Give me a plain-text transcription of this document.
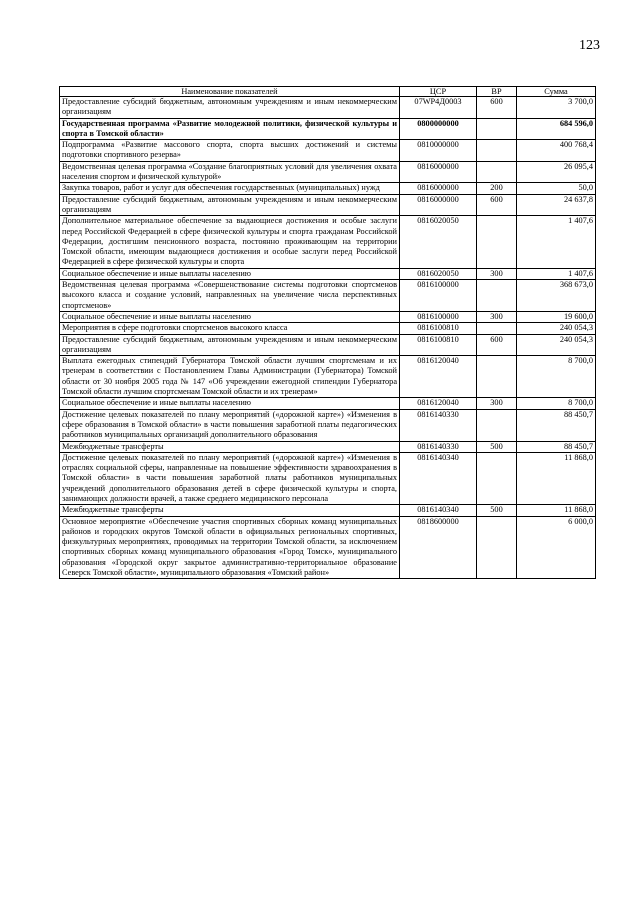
123
Наименование показателей	ЦСР	ВР	Сумма
Предоставление субсидий бюджетным, автономным учреждениям и иным некоммерческим организациям	07WР4Д0003	600	3 700,0
Государственная программа «Развитие молодежной политики, физической культуры и спорта в Томской области»	0800000000		684 596,0
Подпрограмма «Развитие массового спорта, спорта высших достижений и системы подготовки спортивного резерва»	0810000000		400 768,4
Ведомственная целевая программа «Создание благоприятных условий для увеличения охвата населения спортом и физической культурой»	0816000000		26 095,4
Закупка товаров, работ и услуг для обеспечения государственных (муниципальных) нужд	0816000000	200	50,0
Предоставление субсидий бюджетным, автономным учреждениям и иным некоммерческим организациям	0816000000	600	24 637,8
Дополнительное материальное обеспечение за выдающиеся достижения и особые заслуги перед Российской Федерацией в сфере физической культуры и спорта гражданам Российской Федерации, достигшим пенсионного возраста, постоянно проживающим на территории Томской области, имеющим выдающиеся достижения и особые заслуги перед Российской Федерацией в сфере физической культуры и спорта	0816020050		1 407,6
Социальное обеспечение и иные выплаты населению	0816020050	300	1 407,6
Ведомственная целевая программа «Совершенствование системы подготовки спортсменов высокого класса и создание условий, направленных на увеличение числа перспективных спортсменов»	0816100000		368 673,0
Социальное обеспечение и иные выплаты населению	0816100000	300	19 600,0
Мероприятия в сфере подготовки спортсменов высокого класса	0816100810		240 054,3
Предоставление субсидий бюджетным, автономным учреждениям и иным некоммерческим организациям	0816100810	600	240 054,3
Выплата ежегодных стипендий Губернатора Томской области лучшим спортсменам и их тренерам в соответствии с Постановлением Главы Администрации (Губернатора) Томской области от 30 ноября 2005 года № 147 «Об учреждении ежегодной стипендии Губернатора Томской области лучшим спортсменам Томской области и их тренерам»	0816120040		8 700,0
Социальное обеспечение и иные выплаты населению	0816120040	300	8 700,0
Достижение целевых показателей по плану мероприятий («дорожной карте») «Изменения в сфере образования в Томской области» в части повышения заработной платы педагогических работников муниципальных организаций дополнительного образования	0816140330		88 450,7
Межбюджетные трансферты	0816140330	500	88 450,7
Достижение целевых показателей по плану мероприятий («дорожной карте») «Изменения в отраслях социальной сферы, направленные на повышение эффективности здравоохранения в Томской области» в части повышения заработной платы работников муниципальных учреждений дополнительного образования детей в сфере физической культуры и спорта, занимающих должности врачей, а также среднего медицинского персонала	0816140340		11 868,0
Межбюджетные трансферты	0816140340	500	11 868,0
Основное мероприятие «Обеспечение участия спортивных сборных команд муниципальных районов и городских округов Томской области в официальных региональных спортивных, физкультурных мероприятиях, проводимых на территории Томской области, за исключением спортивных сборных команд муниципального образования «Город Томск», муниципального образования «Городской округ закрытое административно-территориальное образование Северск Томской области», муниципального образования «Томский район»	0818600000		6 000,0
